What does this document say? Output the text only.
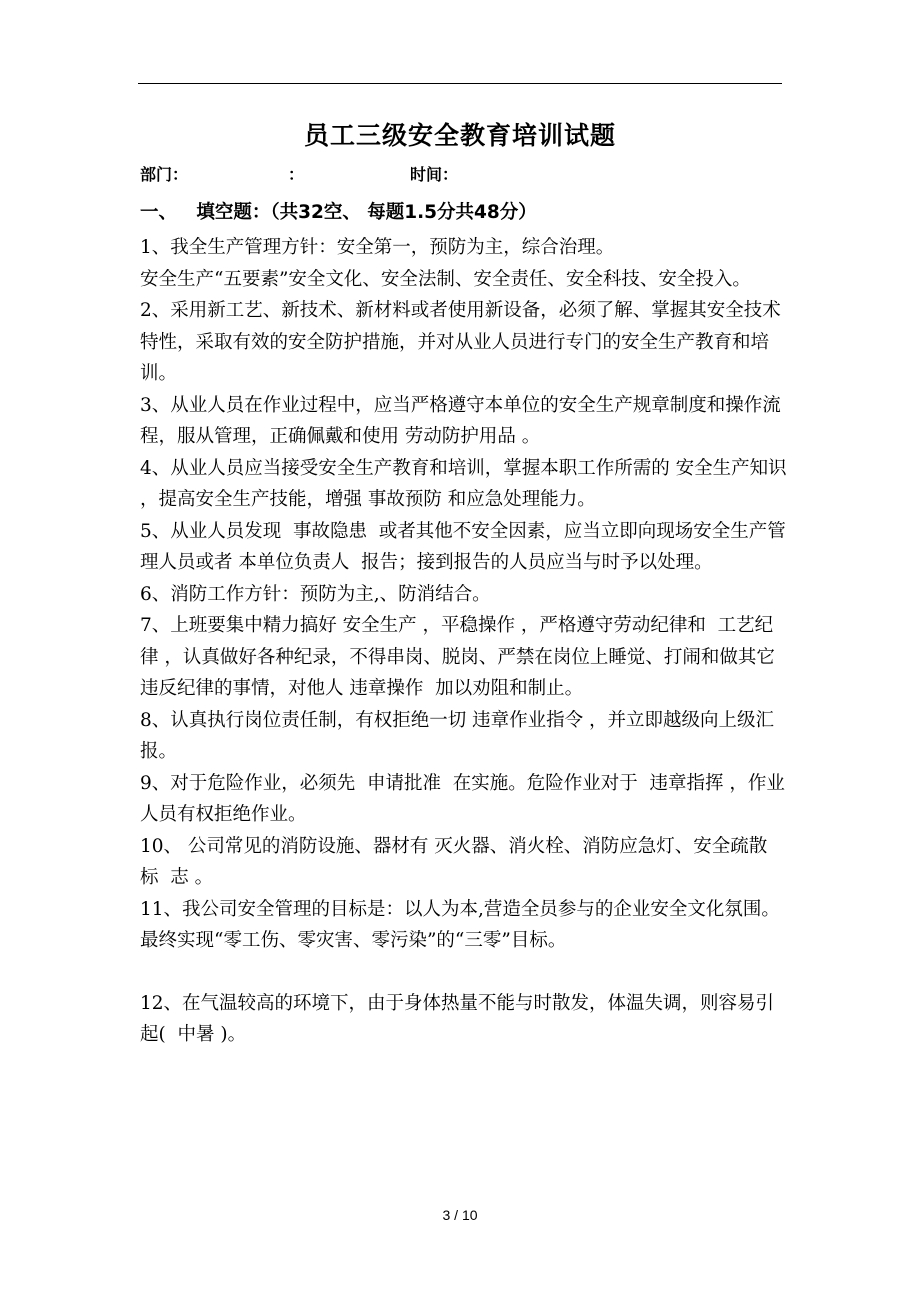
员工三级安全教育培训试题
部门：	：	时间：
一、   填空题：（共32空、 每题1.5分共48分）

1、我全生产管理方针：安全第一，预防为主，综合治理。

安全生产“五要素”安全文化、安全法制、安全责任、安全科技、安全投入。

2、采用新工艺、新技术、新材料或者使用新设备，必须了解、掌握其安全技术特性，采取有效的安全防护措施，并对从业人员进行专门的安全生产教育和培训。

3、从业人员在作业过程中，应当严格遵守本单位的安全生产规章制度和操作流程，服从管理，正确佩戴和使用 劳动防护用品 。

4、从业人员应当接受安全生产教育和培训，掌握本职工作所需的 安全生产知识 ，提高安全生产技能，增强 事故预防 和应急处理能力。

5、从业人员发现  事故隐患  或者其他不安全因素，应当立即向现场安全生产管理人员或者 本单位负责人  报告；接到报告的人员应当与时予以处理。

6、消防工作方针：预防为主,、防消结合。

7、上班要集中精力搞好 安全生产 ，平稳操作 ，严格遵守劳动纪律和  工艺纪律 ，认真做好各种纪录，不得串岗、脱岗、严禁在岗位上睡觉、打闹和做其它违反纪律的事情，对他人 违章操作  加以劝阻和制止。

8、认真执行岗位责任制，有权拒绝一切 违章作业指令 ，并立即越级向上级汇报。

9、对于危险作业，必须先  申请批准  在实施。危险作业对于  违章指挥 ，作业人员有权拒绝作业。

10、 公司常见的消防设施、器材有 灭火器、消火栓、消防应急灯、安全疏散 标  志 。

11、我公司安全管理的目标是：以人为本,营造全员参与的企业安全文化氛围。最终实现“零工伤、零灾害、零污染”的“三零”目标。

12、在气温较高的环境下，由于身体热量不能与时散发，体温失调，则容易引起(  中暑 )。

3 / 10
